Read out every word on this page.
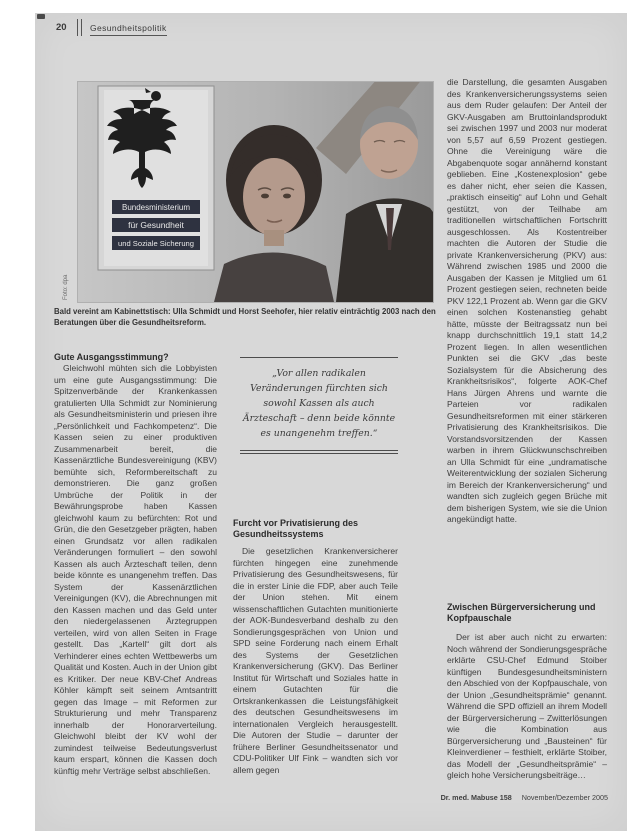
20	Gesundheitspolitik
Bundesministerium
für Gesundheit
und Soziale Sicherung
Foto: dpa
Bald vereint am Kabinettstisch: Ulla Schmidt und Horst Seehofer, hier relativ einträchtig 2003 nach den Beratungen über die Gesundheitsreform.

Gute Ausgangsstimmung?

Gleichwohl mühten sich die Lobbyisten um eine gute Ausgangsstimmung: Die Spitzenverbände der Krankenkassen gratulierten Ulla Schmidt zur Nominierung als Gesundheitsministerin und priesen ihre „Persönlichkeit und Fachkompetenz“. Die Kassen seien zu einer produktiven Zusammenarbeit bereit, die Kassenärztliche Bundesvereinigung (KBV) bemühte sich, Reformbereitschaft zu demonstrieren. Die ganz großen Umbrüche der Politik in der Bewährungsprobe haben Kassen gleichwohl kaum zu befürchten: Rot und Grün, die den Gesetzgeber prägten, haben einen Grundsatz vor allen radikalen Veränderungen formuliert – den sowohl Kassen als auch Ärzteschaft teilen, denn beide könnte es unangenehm treffen. Das System der Kassenärztlichen Vereinigungen (KV), die Abrechnungen mit den Kassen machen und das Geld unter den niedergelassenen Ärztegruppen verteilen, wird von allen Seiten in Frage gestellt. Das „Kartell“ gilt dort als Verhinderer eines echten Wettbewerbs um Qualität und Kosten. Auch in der Union gibt es Kritiker. Der neue KBV-Chef Andreas Köhler kämpft seit seinem Amtsantritt gegen das Image – mit Reformen zur Strukturierung und mehr Transparenz innerhalb der Honorarverteilung. Gleichwohl bleibt der KV wohl der zumindest teilweise Bedeutungsverlust kaum erspart, können die Kassen doch künftig mehr Verträge selbst abschließen.

„Vor allen radikalen Veränderungen fürchten sich sowohl Kassen als auch Ärzteschaft – denn beide könnte es unangenehm treffen.“

Furcht vor Privatisierung des Gesundheitssystems

Die gesetzlichen Krankenversicherer fürchten hingegen eine zunehmende Privatisierung des Gesundheitswesens, für die in erster Linie die FDP, aber auch Teile der Union stehen. Mit einem wissenschaftlichen Gutachten munitionierte der AOK-Bundesverband deshalb zu den Sondierungsgesprächen von Union und SPD seine Forderung nach einem Erhalt des Systems der Gesetzlichen Krankenversicherung (GKV). Das Berliner Institut für Wirtschaft und Soziales hatte in einem Gutachten für die Ortskrankenkassen die Leistungsfähigkeit des deutschen Gesundheitswesens im internationalen Vergleich herausgestellt. Die Autoren der Studie – darunter der frühere Berliner Gesundheitssenator und CDU-Politiker Ulf Fink – wandten sich vor allem gegen

die Darstellung, die gesamten Ausgaben des Krankenversicherungssystems seien aus dem Ruder gelaufen: Der Anteil der GKV-Ausgaben am Bruttoinlandsprodukt sei zwischen 1997 und 2003 nur moderat von 5,57 auf 6,59 Prozent gestiegen. Ohne die Vereinigung wäre die Abgabenquote sogar annähernd konstant geblieben. Eine „Kostenexplosion“ gebe es daher nicht, eher seien die Kassen, „praktisch einseitig“ auf Lohn und Gehalt gestützt, von der Teilhabe am traditionellen wirtschaftlichen Fortschritt ausgeschlossen. Als Kostentreiber machten die Autoren der Studie die private Krankenversicherung (PKV) aus: Während zwischen 1985 und 2000 die Ausgaben der Kassen je Mitglied um 61 Prozent gestiegen seien, rechneten beide PKV 122,1 Prozent ab. Wenn gar die GKV einen solchen Kostenanstieg gehabt hätte, müsste der Beitragssatz nun bei knapp durchschnittlich 19,1 statt 14,2 Prozent liegen. In allen wesentlichen Punkten sei die GKV „das beste Sozialsystem für die Absicherung des Krankheitsrisikos“, folgerte AOK-Chef Hans Jürgen Ahrens und warnte die Parteien vor radikalen Gesundheitsreformen mit einer stärkeren Privatisierung des Krankheitsrisikos. Die Vorstandsvorsitzenden der Kassen warben in ihrem Glückwunschschreiben an Ulla Schmidt für eine „undramatische Weiterentwicklung der sozialen Sicherung im Bereich der Krankenversicherung“ und wandten sich zugleich gegen Brüche mit dem bisherigen System, wie sie die Union angekündigt hatte.

Zwischen Bürgerversicherung und Kopfpauschale

Der ist aber auch nicht zu erwarten: Noch während der Sondierungsgespräche erklärte CSU-Chef Edmund Stoiber künftigen Bundesgesundheitsministern den Abschied von der Kopfpauschale, von der Union „Gesundheitsprämie“ genannt. Während die SPD offiziell an ihrem Modell der Bürgerversicherung – Zwitterlösungen wie die Kombination aus Bürgerversicherung und „Bausteinen“ für Kleinverdiener – festhielt, erklärte Stoiber, das Modell der „Gesundheitsprämie“ – gleich hohe Versicherungsbeiträge…

Dr. med. Mabuse 158 November/Dezember 2005
